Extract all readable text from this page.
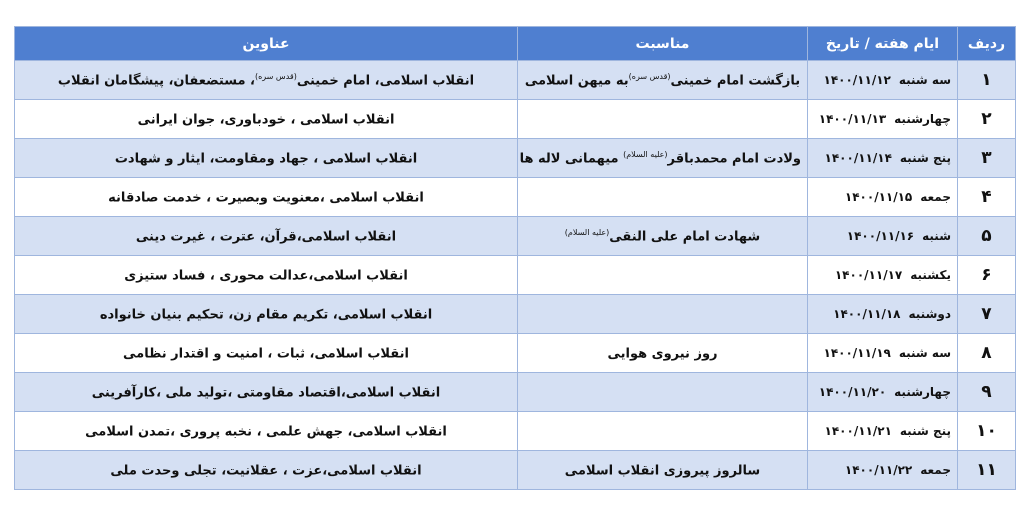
ردیف	ایام هفته / تاریخ	مناسبت	عناوین
۱	سه شنبه۱۴۰۰/۱۱/۱۲	بازگشت امام خمینی$^{(قدس سره)}$به میهن اسلامی	انقلاب اسلامی، امام خمینی$^{(قدس سره)}$، مستضعفان، پیشگامان انقلاب
۲	چهارشنبه۱۴۰۰/۱۱/۱۳		انقلاب اسلامی ، خودباوری، جوان ایرانی
۳	پنج شنبه۱۴۰۰/۱۱/۱۴	ولادت امام محمدباقر$^{(علیه السلام)}$ میهمانی لاله ها	انقلاب اسلامی ، جهاد ومقاومت، ایثار و شهادت
۴	جمعه۱۴۰۰/۱۱/۱۵		انقلاب اسلامی ،معنویت وبصیرت ، خدمت صادقانه
۵	شنبه۱۴۰۰/۱۱/۱۶	شهادت امام علی النقی$^{(علیه السلام)}$	انقلاب اسلامی،قرآن، عترت ، غیرت دینی
۶	یکشنبه۱۴۰۰/۱۱/۱۷		انقلاب اسلامی،عدالت محوری ، فساد ستیزی
۷	دوشنبه۱۴۰۰/۱۱/۱۸		انقلاب اسلامی، تکریم مقام زن، تحکیم بنیان خانواده
۸	سه شنبه۱۴۰۰/۱۱/۱۹	روز نیروی هوایی	انقلاب اسلامی، ثبات ، امنیت و اقتدار نظامی
۹	چهارشنبه۱۴۰۰/۱۱/۲۰		انقلاب اسلامی،اقتصاد مقاومتی ،تولید ملی ،کارآفرینی
۱۰	پنج شنبه۱۴۰۰/۱۱/۲۱		انقلاب اسلامی، جهش علمی ، نخبه پروری ،تمدن اسلامی
۱۱	جمعه۱۴۰۰/۱۱/۲۲	سالروز پیروزی انقلاب اسلامی	انقلاب اسلامی،عزت ، عقلانیت، تجلی وحدت ملی
